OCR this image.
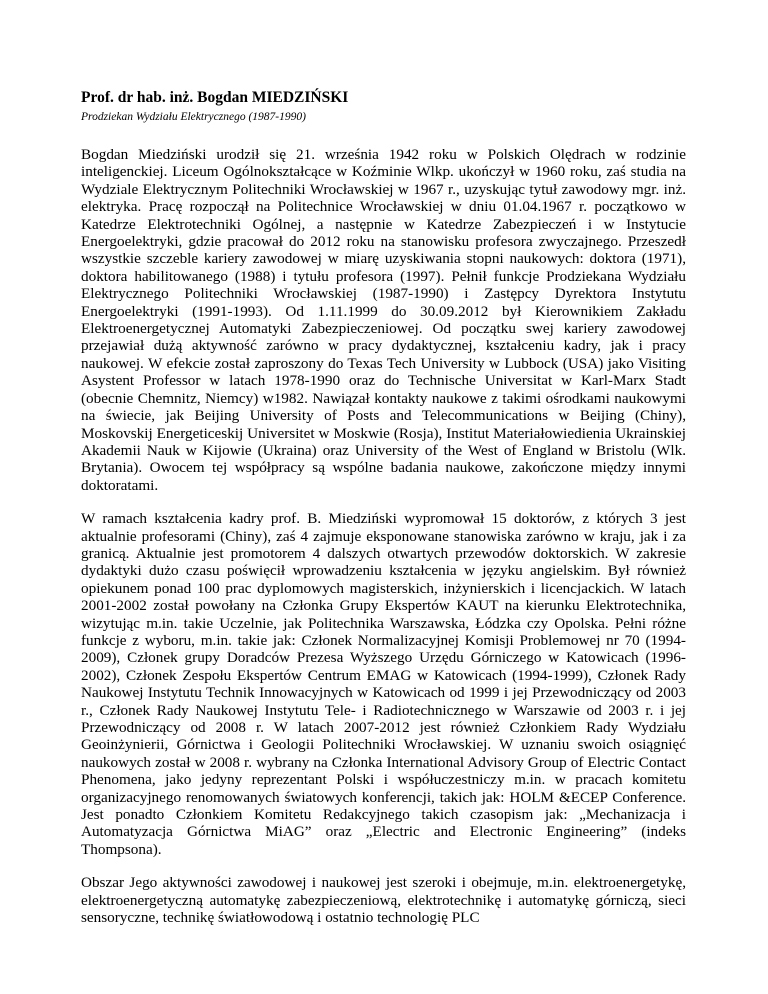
Prof. dr hab. inż. Bogdan MIEDZIŃSKI
Prodziekan Wydziału Elektrycznego (1987-1990)

Bogdan Miedziński urodził się 21. września 1942 roku w Polskich Olędrach w rodzinie inteligenckiej. Liceum Ogólnokształcące w Koźminie Wlkp. ukończył w 1960 roku, zaś studia na Wydziale Elektrycznym Politechniki Wrocławskiej w 1967 r., uzyskując tytuł zawodowy mgr. inż. elektryka. Pracę rozpoczął na Politechnice Wrocławskiej w dniu 01.04.1967 r. początkowo w Katedrze Elektrotechniki Ogólnej, a następnie w Katedrze Zabezpieczeń i w Instytucie Energoelektryki, gdzie pracował do 2012 roku na stanowisku profesora zwyczajnego. Przeszedł wszystkie szczeble kariery zawodowej w miarę uzyskiwania stopni naukowych: doktora (1971), doktora habilitowanego (1988) i tytułu profesora (1997). Pełnił funkcje Prodziekana Wydziału Elektrycznego Politechniki Wrocławskiej (1987-1990) i Zastępcy Dyrektora Instytutu Energoelektryki (1991-1993). Od 1.11.1999 do 30.09.2012 był Kierownikiem Zakładu Elektroenergetycznej Automatyki Zabezpieczeniowej. Od początku swej kariery zawodowej przejawiał dużą aktywność zarówno w pracy dydaktycznej, kształceniu kadry, jak i pracy naukowej. W efekcie został zaproszony do Texas Tech University w Lubbock (USA) jako Visiting Asystent Professor w latach 1978-1990 oraz do Technische Universitat w Karl-Marx Stadt (obecnie Chemnitz, Niemcy) w1982. Nawiązał kontakty naukowe z takimi ośrodkami naukowymi na świecie, jak Beijing University of Posts and Telecommunications w Beijing (Chiny), Moskovskij Energeticeskij Universitet w Moskwie (Rosja), Institut Materiałowiedienia Ukrainskiej Akademii Nauk w Kijowie (Ukraina) oraz University of the West of England w Bristolu (Wlk. Brytania). Owocem tej współpracy są wspólne badania naukowe, zakończone między innymi doktoratami.

W ramach kształcenia kadry prof. B. Miedziński wypromował 15 doktorów, z których 3 jest aktualnie profesorami (Chiny), zaś 4 zajmuje eksponowane stanowiska zarówno w kraju, jak i za granicą. Aktualnie jest promotorem 4 dalszych otwartych przewodów doktorskich. W zakresie dydaktyki dużo czasu poświęcił wprowadzeniu kształcenia w języku angielskim. Był również opiekunem ponad 100 prac dyplomowych magisterskich, inżynierskich i licencjackich. W latach 2001-2002 został powołany na Członka Grupy Ekspertów KAUT na kierunku Elektrotechnika, wizytując m.in. takie Uczelnie, jak Politechnika Warszawska, Łódzka czy Opolska. Pełni różne funkcje z wyboru, m.in. takie jak: Członek Normalizacyjnej Komisji Problemowej nr 70 (1994-2009), Członek grupy Doradców Prezesa Wyższego Urzędu Górniczego w Katowicach (1996-2002), Członek Zespołu Ekspertów Centrum EMAG w Katowicach (1994-1999), Członek Rady Naukowej Instytutu Technik Innowacyjnych w Katowicach od 1999 i jej Przewodniczący od 2003 r., Członek Rady Naukowej Instytutu Tele- i Radiotechnicznego w Warszawie od 2003 r. i jej Przewodniczący od 2008 r. W latach 2007-2012 jest również Członkiem Rady Wydziału Geoinżynierii, Górnictwa i Geologii Politechniki Wrocławskiej. W uznaniu swoich osiągnięć naukowych został w 2008 r. wybrany na Członka International Advisory Group of Electric Contact Phenomena, jako jedyny reprezentant Polski i współuczestniczy m.in. w pracach komitetu organizacyjnego renomowanych światowych konferencji, takich jak: HOLM &ECEP Conference. Jest ponadto Członkiem Komitetu Redakcyjnego takich czasopism jak: „Mechanizacja i Automatyzacja Górnictwa MiAG” oraz „Electric and Electronic Engineering” (indeks Thompsona).

Obszar Jego aktywności zawodowej i naukowej jest szeroki i obejmuje, m.in. elektroenergetykę, elektroenergetyczną automatykę zabezpieczeniową, elektrotechnikę i automatykę górniczą, sieci sensoryczne, technikę światłowodową i ostatnio technologię PLC
